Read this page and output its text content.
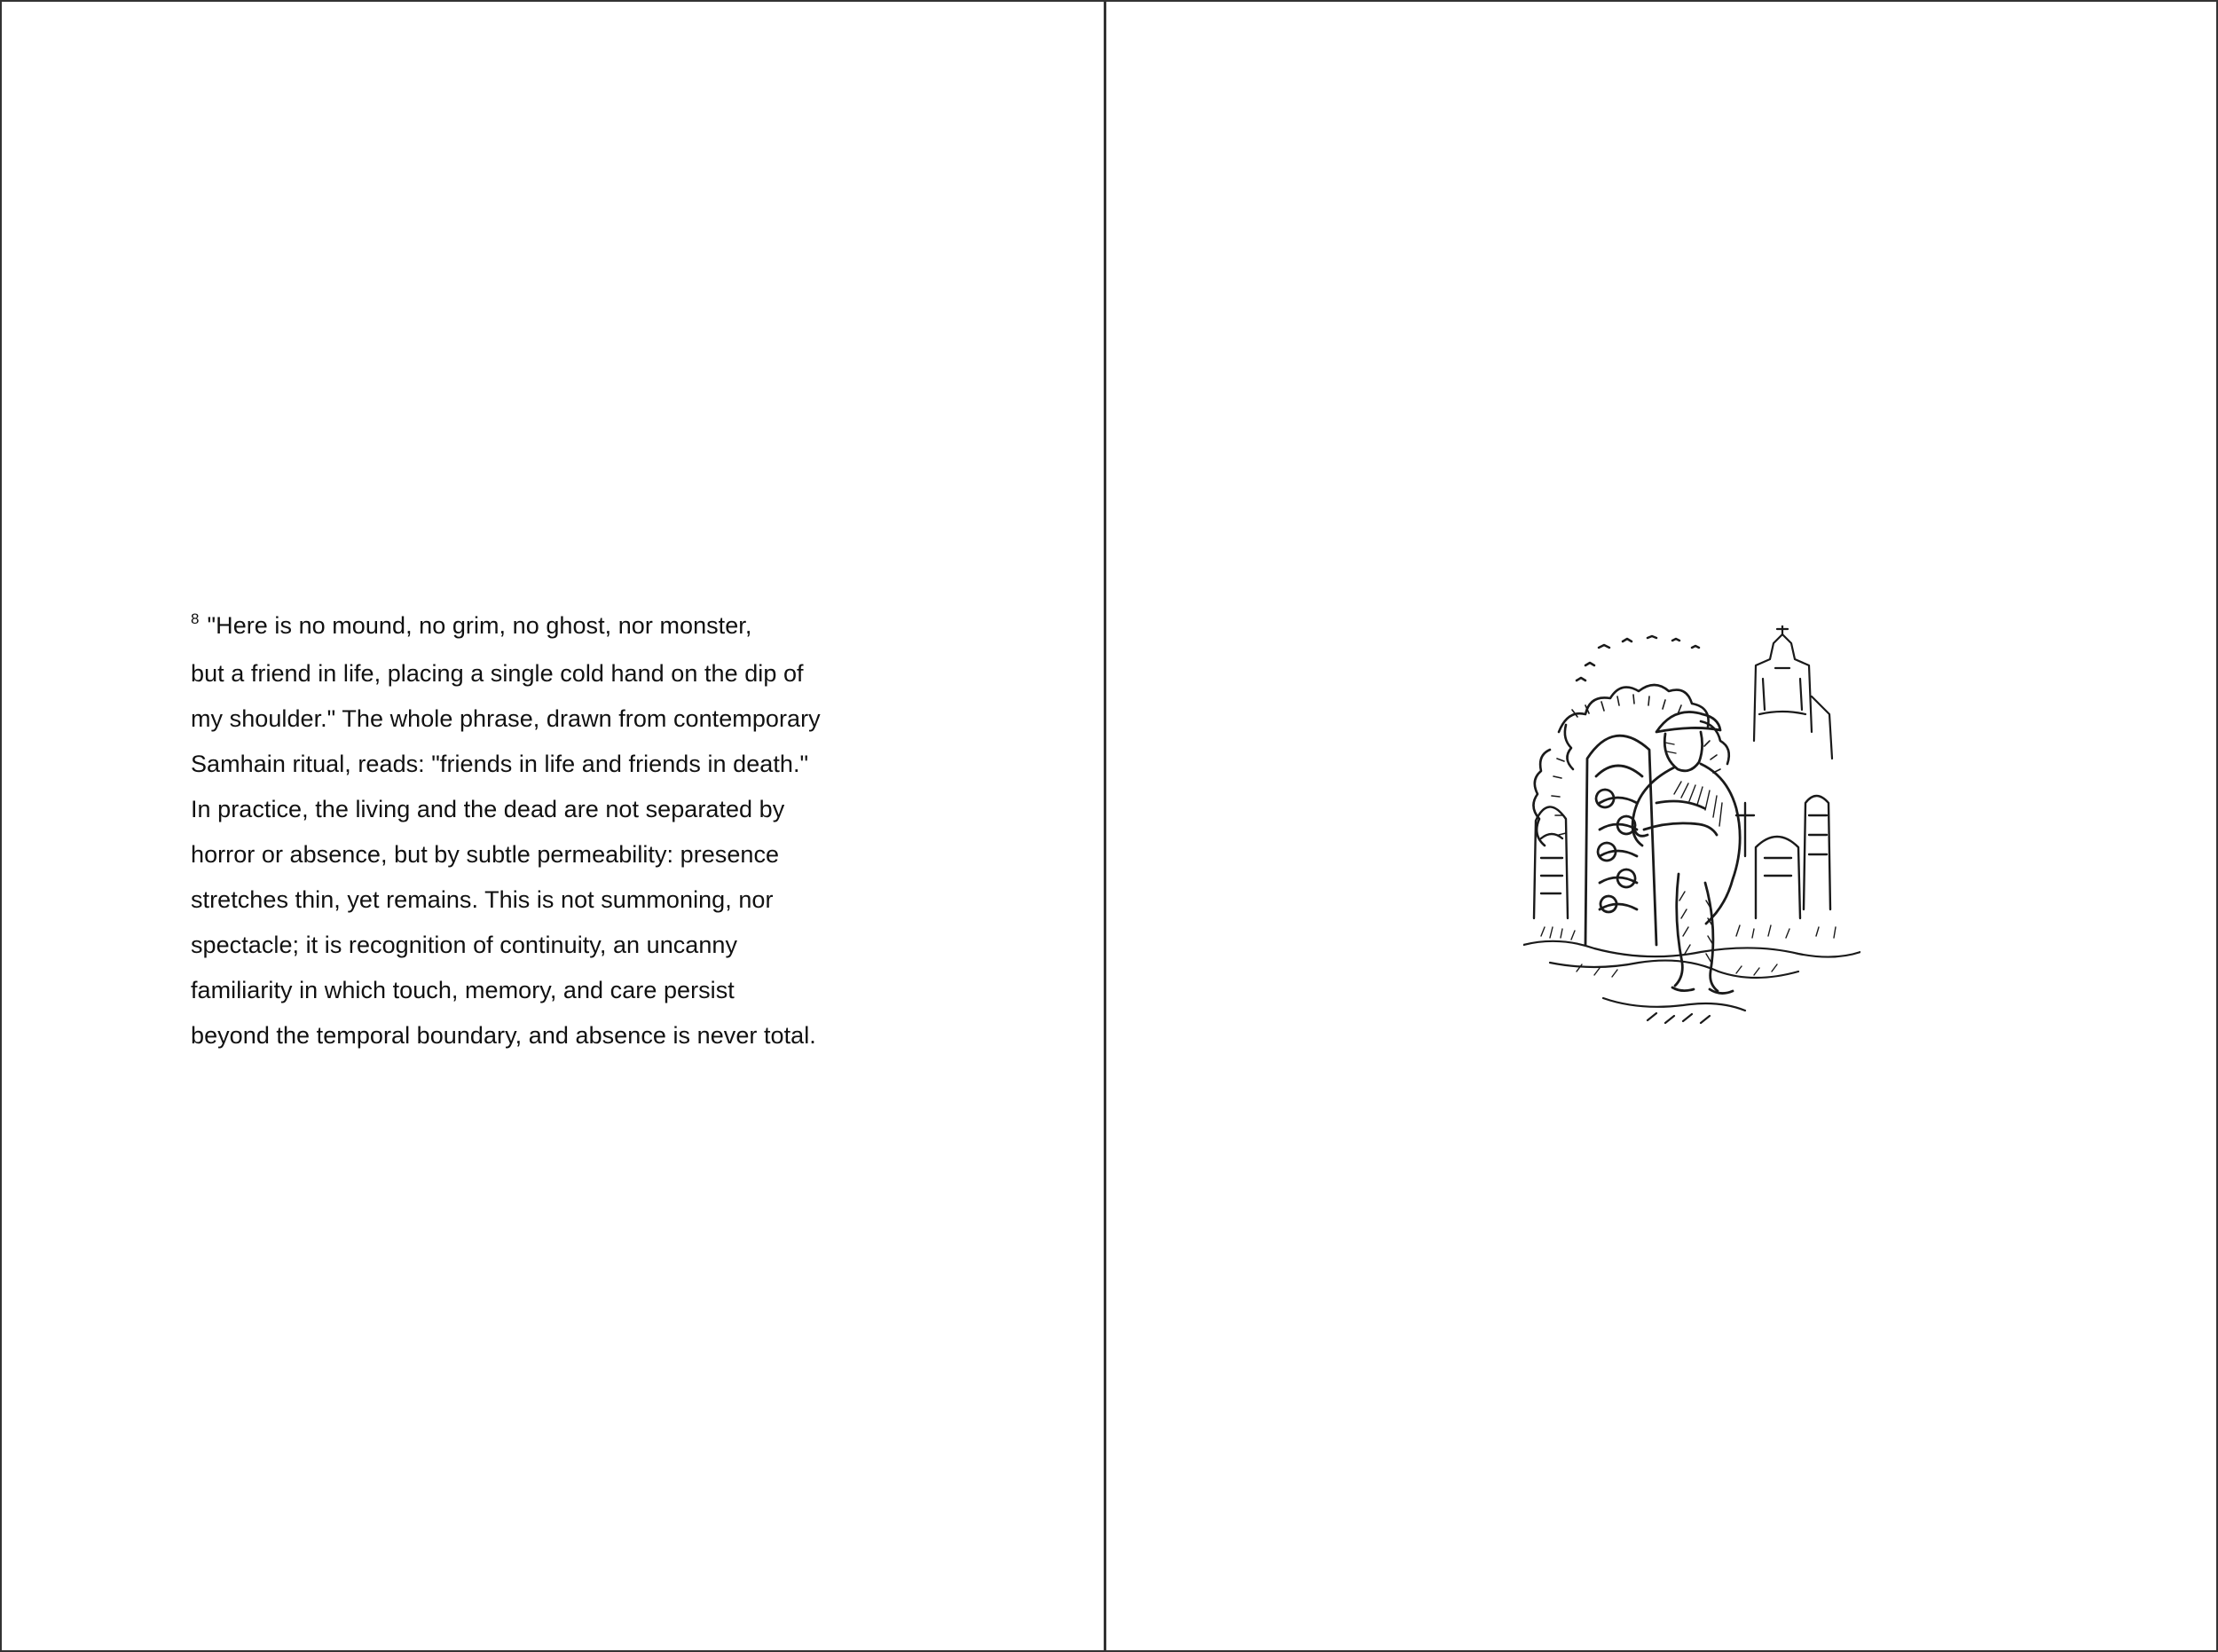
$^8$ "Here is no mound, no grim, no ghost, nor monster,
but a friend in life, placing a single cold hand on the dip of
my shoulder." The whole phrase, drawn from contemporary
Samhain ritual, reads: "friends in life and friends in death."
In practice, the living and the dead are not separated by
horror or absence, but by subtle permeability: presence
stretches thin, yet remains. This is not summoning, nor
spectacle; it is recognition of continuity, an uncanny
familiarity in which touch, memory, and care persist
beyond the temporal boundary, and absence is never total.
